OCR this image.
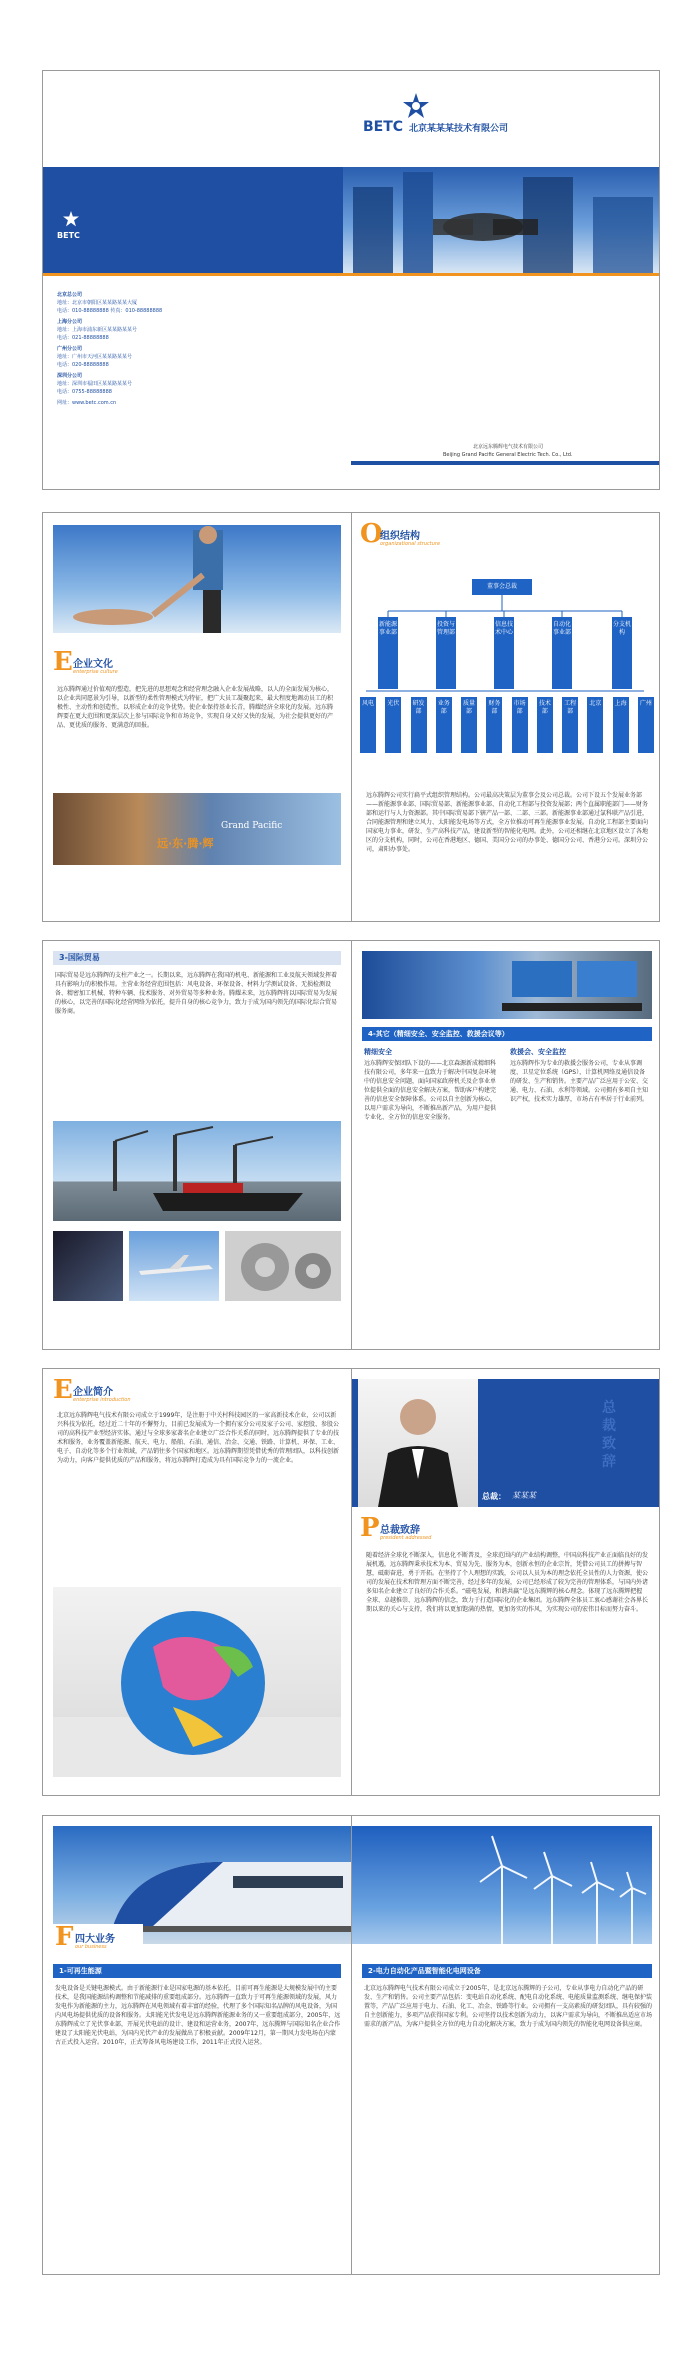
BETC 北京某某某技术有限公司
BETC
北京总公司
地址：北京市朝阳区某某路某某大厦
电话：010-88888888 传真：010-88888888
上海分公司
地址：上海市浦东新区某某路某某号
电话：021-88888888
广州分公司
地址：广州市天河区某某路某某号
电话：020-88888888
深圳分公司
地址：深圳市福田区某某路某某号
电话：0755-88888888
网址：www.betc.com.cn
北京远东腾辉电气技术有限公司
Beijing Grand Pacific General Electric Tech. Co., Ltd.
E 企业文化
enterprise culture
远东腾辉通过价值观的塑造，把先进的思想观念和经营理念融入企业发展战略，以人的全面发展为核心，以企业共同愿景为引导，以新型的柔性管理模式为特征，把广大员工凝聚起来，最大程度地调动员工的积极性、主动性和创造性，以形成企业的竞争优势。使企业保持基业长青，腾耀经济全球化的发展。远东腾辉要在更大范围和更深层次上参与国际竞争和市场竞争，实现自身又好又快的发展，为社会提供更好的产品、更优质的服务、更满意的回报。
Grand Pacific
远·东·腾·辉
O
组织结构
organizational structure
董事会总裁
新能源事业部
投资与管理部
信息技术中心
自动化事业部
分支机构
风电	光伏	研发部
业务部
质量部
财务部
市场部
技术部
工程部
北京	上海	广州
远东腾辉公司实行扁平式组织管理结构。公司最高决策层为董事会及公司总裁。公司下设五个发展业务部——新能源事业部、国际贸易部、新能源事业部、自动化工程部与投资发展部；两个直属职能部门——财务部和运行与人力资源部。其中国际贸易部下辖产品一部、二部、三部。新能源事业部通过氯科联产品引进，合同能源管理和建立风力、太阳能发电场等方式，全方位推动可再生能源事业发展。自动化工程部主要面向国家电力事业，研发、生产高科技产品，建设新型的智能化电网。此外，公司还相继在北京地区设立了各地区的分支机构，同时，公司在香港地区、德国、美国分公司的办事处、德国分公司、香港分公司。深圳分公司，肃阳办事处。
3-国际贸易
国际贸易是远东腾辉的支柱产业之一。长期以来，远东腾辉在我国的机电、新能源和工业及航天领域发挥着具有影响力的积极作用。主营业务经营范围包括：风电设备、环保设备、材料力学测试设备、无损检测设备、精密加工机械、特种车辆、技术服务、对外贸易等多种业务。腾耀未来，远东腾辉将以国际贸易为发展的核心，以完善的国际化经营网络为依托，提升自身的核心竞争力，致力于成为国内领先的国际化综合贸易服务商。
4-其它（精细安全、安全监控、救援会议等）
精细安全
远东腾辉安保团队下设的——北京森源新成精细科技有限公司，多年来一直致力于解决中国复杂环境中的信息安全问题，面向国家政府机关及企事业单位提供全面的信息安全解决方案，帮助客户构建完善的信息安全保障体系。公司以自主创新为核心，以用户需求为导向，不断推出新产品，为用户提供专业化、全方位的信息安全服务。
救援会、安全监控
远东腾辉作为专业的救援会服务公司，专业从事调度、卫星定位系统（GPS），计算机网络及通信设备的研发、生产和销售。主要产品广泛应用于公安、交通、电力、石油、水利等领域。公司拥有多项自主知识产权，技术实力雄厚，市场占有率居于行业前列。
E 企业简介
enterprise introduction
北京远东腾辉电气技术有限公司成立于1999年，是注册于中关村科技园区的一家高新技术企业，公司以新兴科技为依托，经过近二十年的不懈努力，目前已发展成为一个拥有家分公司及家子公司、家控股、参股公司的高科技产业型经济实体。通过与全球多家著名企业建立广泛合作关系的同时，远东腾辉提供了专业的技术和服务，业务覆盖新能源、航天、电力、船舶、石油、通信、冶金、交通、铁路、计算机、环保、工业、电子、自动化等多个行业领域，产品销往多个国家和地区。远东腾辉期望凭借优秀的管理团队，以科技创新为动力，向客户提供优质的产品和服务，将远东腾辉打造成为具有国际竞争力的一流企业。
总裁： 某某某
总裁致辞
P 总裁致辞
president addressed
随着经济全球化不断深入，信息化不断普及，全球范围内的产业结构调整，中国高科技产业正面临良好的发展机遇，远东腾辉秉承技术为本、贸易为先、服务为本，创新永恒的企业宗旨，凭借公司员工的拼搏与智慧，砥砺奋进，勇于开拓。在坚持了个人理想的实践，公司以人员为本的理念依托全员性的人力资源，使公司的发展在技术和管理方面不断完善，经过多年的发展，公司已经形成了较为完善的管理体系，与国内外诸多知名企业建立了良好的合作关系。“磁电发展，和谐共赢”是远东腾辉的核心理念。体现了远东腾辉把握全球、卓越推崇、远东腾辉的信念，致力于打造国际化的企业集团。远东腾辉全体员工衷心感谢社会各界长期以来的关心与支持，我们将以更加饱满的热情，更加务实的作风，为实现公司的宏伟目标而努力奋斗。
F 四大业务
our business
1-可再生能源
发电设备是关键电源模式。由于新能源行业是国家电源的基本依托，目前可再生能源是大规模发展中的主要技术，是我国能源结构调整和节能减排的重要组成部分。远东腾辉一直致力于可再生能源领域的发展，风力发电作为新能源的主力，远东腾辉在风电领域有着丰富的经验，代理了多个国际知名品牌的风电设备，为国内风电场提供优质的设备和服务。太阳能光伏发电是远东腾辉新能源业务的又一重要组成部分，2005年，远东腾辉成立了光伏事业部，开展光伏电站的设计、建设和运营业务，2007年，远东腾辉与国际知名企业合作建设了太阳能光伏电站，为国内光伏产业的发展做出了积极贡献。2009年12月，第一期风力发电场在内蒙古正式投入运营。2010年，正式筹备风电场建设工作，2011年正式投入运营。
2-电力自动化产品暨智能化电网设备
北京远东腾辉电气技术有限公司成立于2005年，是北京远东腾辉的子公司，专业从事电力自动化产品的研发、生产和销售。公司主要产品包括：变电站自动化系统、配电自动化系统、电能质量监测系统、继电保护装置等，产品广泛应用于电力、石油、化工、冶金、铁路等行业。公司拥有一支高素质的研发团队，具有较强的自主创新能力，多项产品获得国家专利。公司坚持以技术创新为动力，以客户需求为导向，不断推出适应市场需求的新产品，为客户提供全方位的电力自动化解决方案，致力于成为国内领先的智能化电网设备供应商。
